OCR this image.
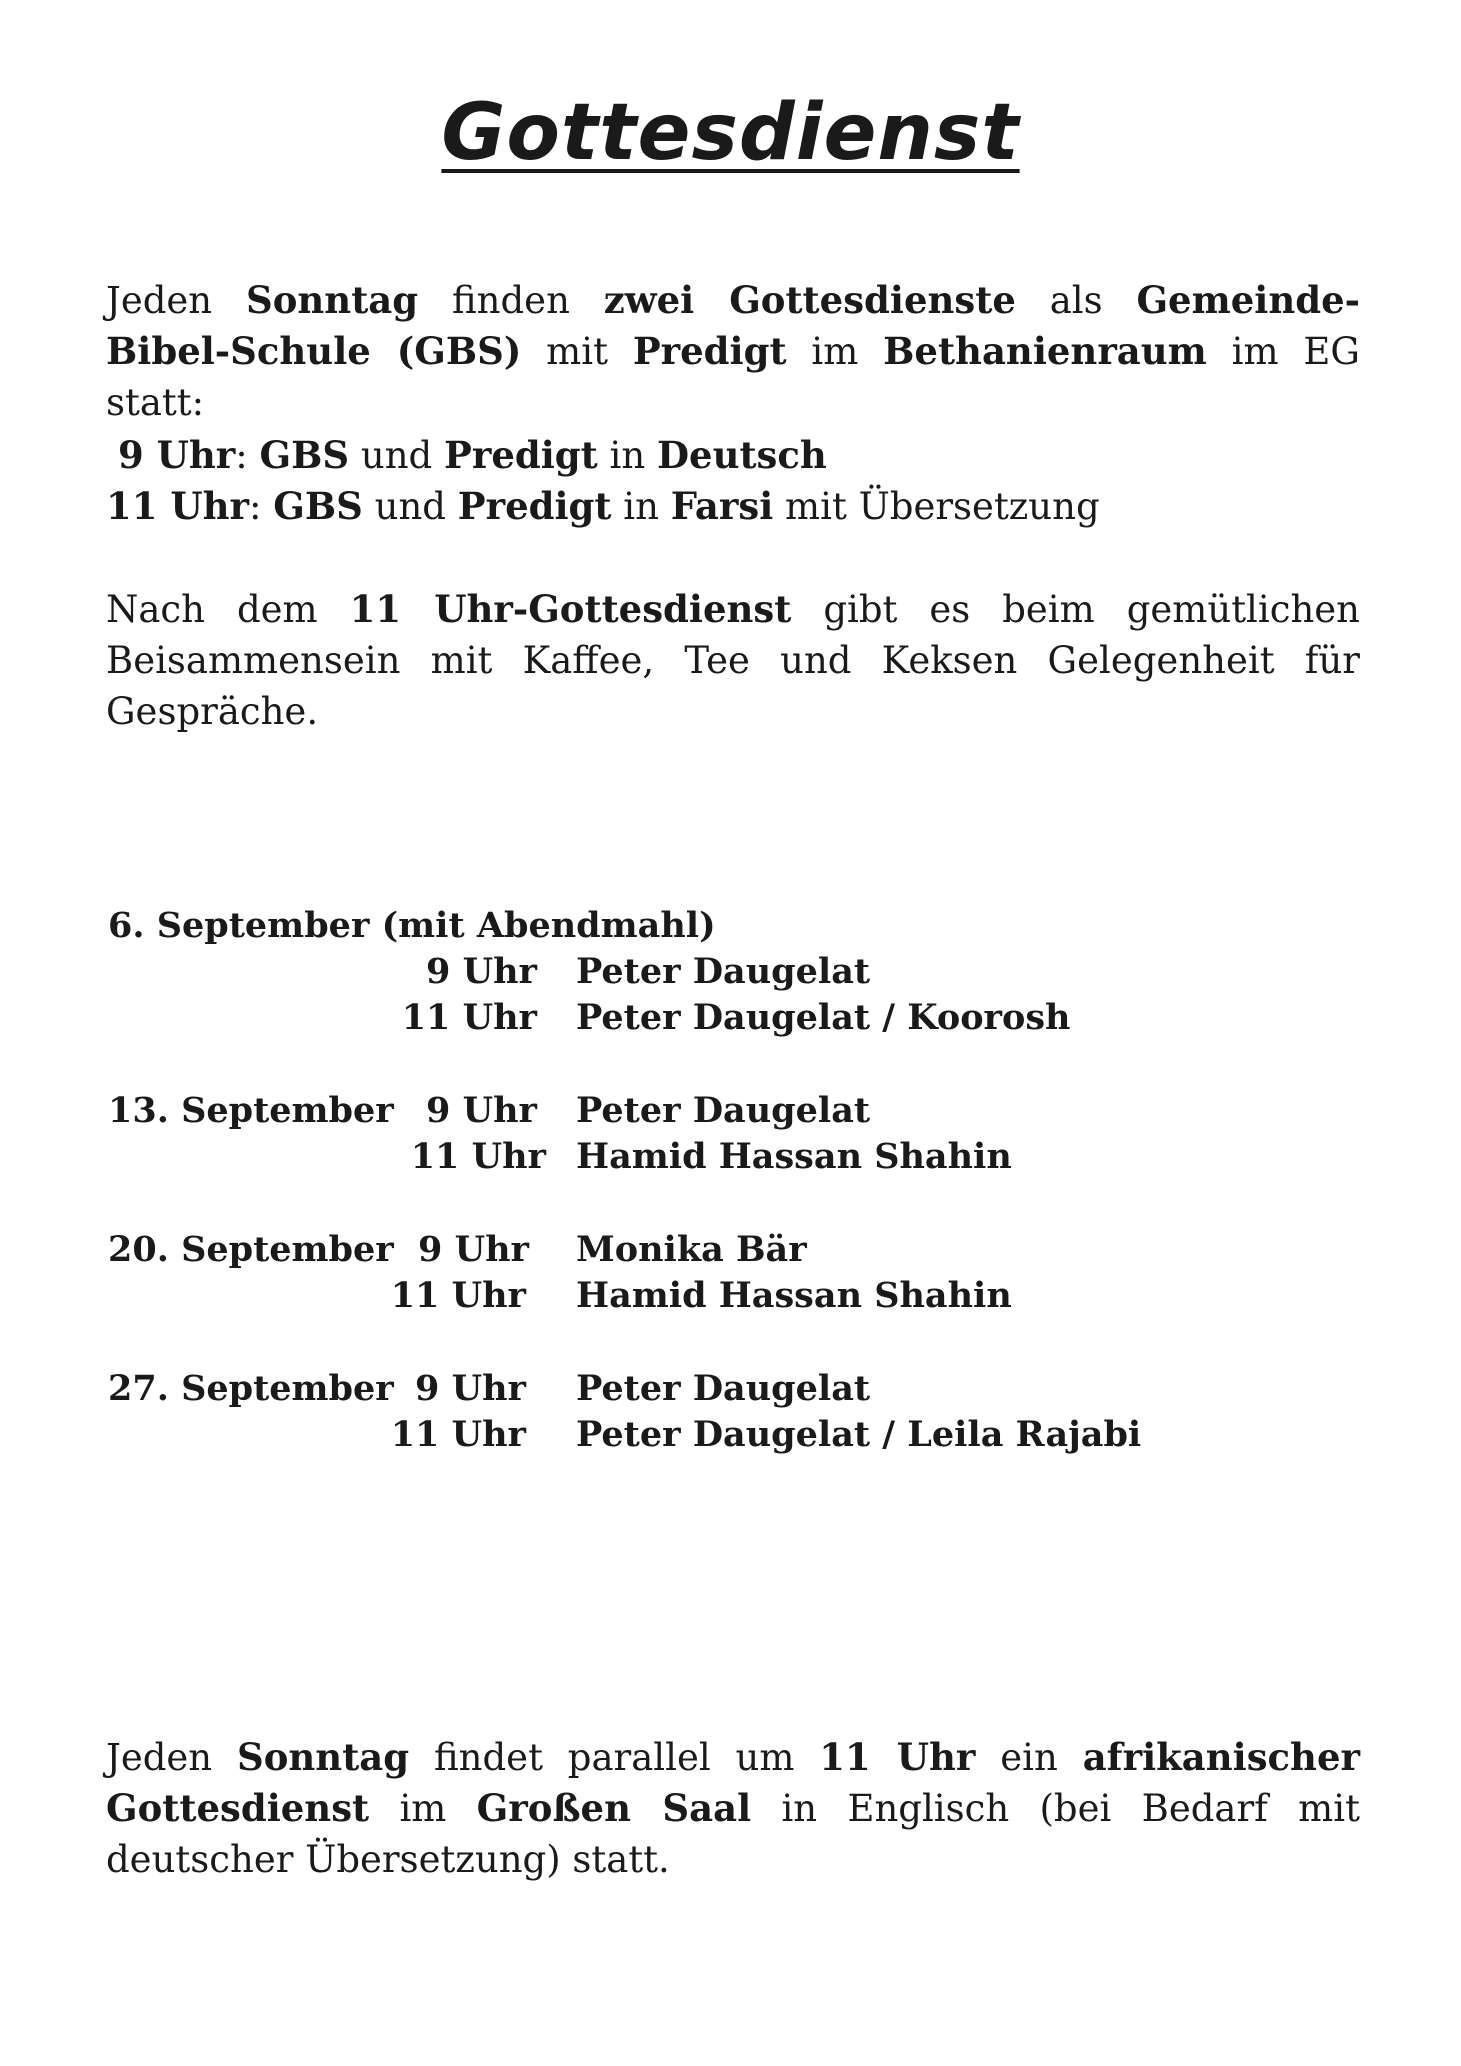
Gottesdienst
Jeden Sonntag finden zwei Gottesdienste als Gemeinde- Bibel-Schule (GBS) mit Predigt im Bethanienraum im EG statt:
9 Uhr: GBS und Predigt in Deutsch
11 Uhr: GBS und Predigt in Farsi mit Übersetzung
Nach dem 11 Uhr-Gottesdienst gibt es beim gemütlichen Beisammensein mit Kaffee, Tee und Keksen Gelegenheit für Gespräche.
6. September (mit Abendmahl)
9 Uhr Peter Daugelat
11 Uhr Peter Daugelat / Koorosh
13. September 9 Uhr Peter Daugelat
11 Uhr Hamid Hassan Shahin
20. September 9 Uhr Monika Bär
11 Uhr Hamid Hassan Shahin
27. September 9 Uhr Peter Daugelat
11 Uhr Peter Daugelat / Leila Rajabi
Jeden Sonntag findet parallel um 11 Uhr ein afrikanischer Gottesdienst im Großen Saal in Englisch (bei Bedarf mit deutscher Übersetzung) statt.
